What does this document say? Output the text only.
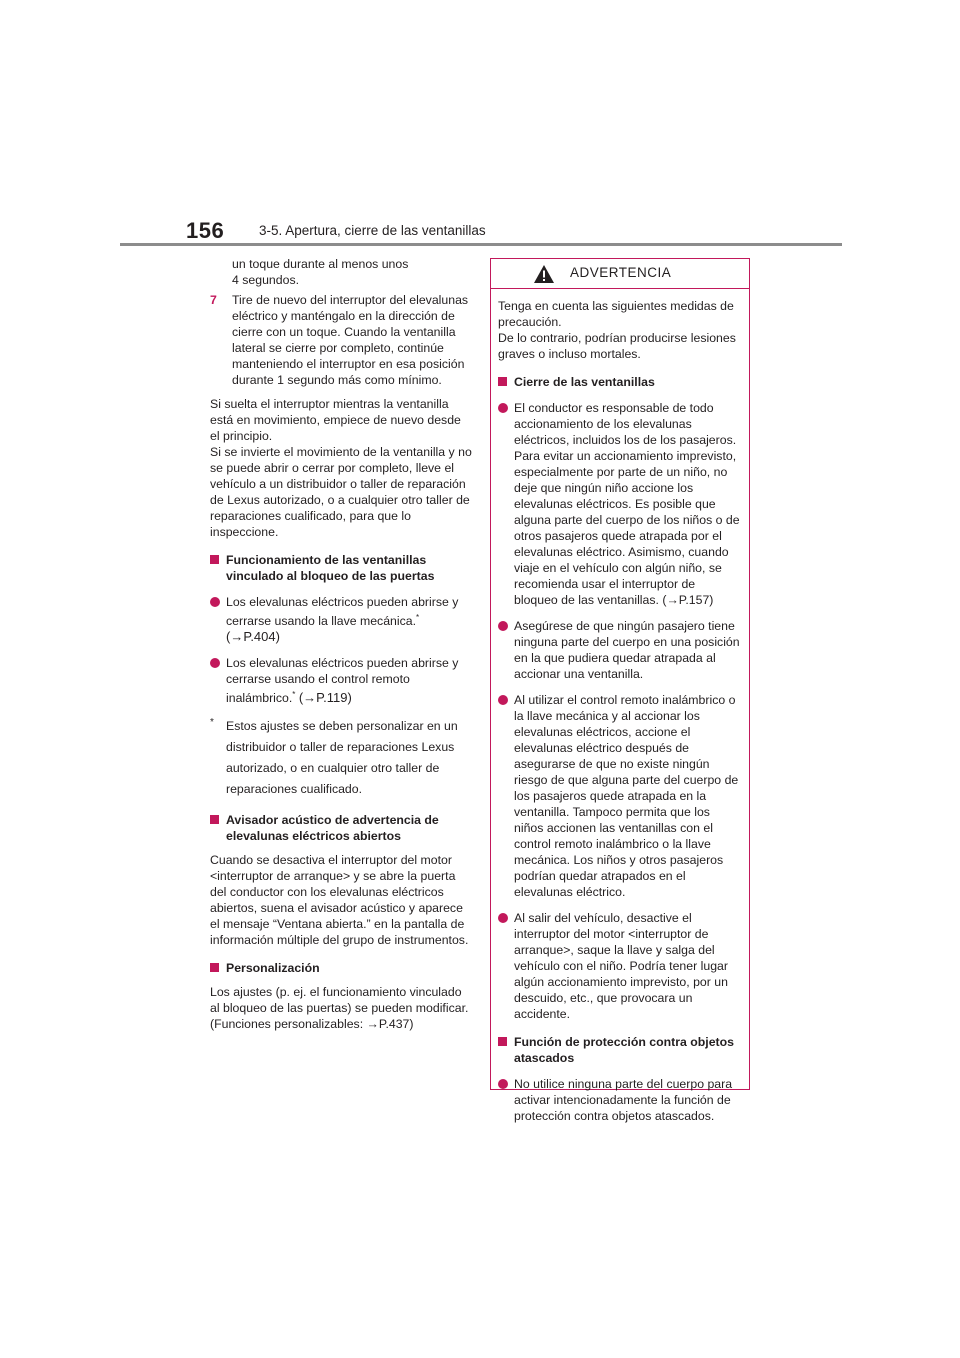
156	3-5. Apertura, cierre de las ventanillas

un toque durante al menos unos

4 segundos.

7 Tire de nuevo del interruptor del elevalunas eléctrico y manténgalo en la dirección de cierre con un toque. Cuando la ventanilla lateral se cierre por completo, continúe manteniendo el interruptor en esa posición durante 1 segundo más como mínimo.

Si suelta el interruptor mientras la ventanilla está en movimiento, empiece de nuevo desde el principio.

Si se invierte el movimiento de la ventanilla y no se puede abrir o cerrar por completo, lleve el vehículo a un distribuidor o taller de reparación de Lexus autorizado, o a cualquier otro taller de reparaciones cualificado, para que lo inspeccione.

Funcionamiento de las ventanillas vinculado al bloqueo de las puertas

Los elevalunas eléctricos pueden abrirse y cerrarse usando la llave mecánica.*
(→P.404)

Los elevalunas eléctricos pueden abrirse y cerrarse usando el control remoto inalámbrico.* (→P.119)

* Estos ajustes se deben personalizar en un distribuidor o taller de reparaciones Lexus autorizado, o en cualquier otro taller de reparaciones cualificado.

Avisador acústico de advertencia de elevalunas eléctricos abiertos

Cuando se desactiva el interruptor del motor <interruptor de arranque> y se abre la puerta del conductor con los elevalunas eléctricos abiertos, suena el avisador acústico y aparece el mensaje “Ventana abierta.” en la pantalla de información múltiple del grupo de instrumentos.

Personalización

Los ajustes (p. ej. el funcionamiento vinculado al bloqueo de las puertas) se pueden modificar. (Funciones personalizables: →P.437)

ADVERTENCIA

Tenga en cuenta las siguientes medidas de precaución.

De lo contrario, podrían producirse lesiones graves o incluso mortales.

Cierre de las ventanillas

El conductor es responsable de todo accionamiento de los elevalunas eléctricos, incluidos los de los pasajeros. Para evitar un accionamiento imprevisto, especialmente por parte de un niño, no deje que ningún niño accione los elevalunas eléctricos. Es posible que alguna parte del cuerpo de los niños o de otros pasajeros quede atrapada por el elevalunas eléctrico. Asimismo, cuando viaje en el vehículo con algún niño, se recomienda usar el interruptor de bloqueo de las ventanillas. (→P.157)

Asegúrese de que ningún pasajero tiene ninguna parte del cuerpo en una posición en la que pudiera quedar atrapada al accionar una ventanilla.

Al utilizar el control remoto inalámbrico o la llave mecánica y al accionar los elevalunas eléctricos, accione el elevalunas eléctrico después de asegurarse de que no existe ningún riesgo de que alguna parte del cuerpo de los pasajeros quede atrapada en la ventanilla. Tampoco permita que los niños accionen las ventanillas con el control remoto inalámbrico o la llave mecánica. Los niños y otros pasajeros podrían quedar atrapados en el elevalunas eléctrico.

Al salir del vehículo, desactive el interruptor del motor <interruptor de arranque>, saque la llave y salga del vehículo con el niño. Podría tener lugar algún accionamiento imprevisto, por un descuido, etc., que provocara un accidente.

Función de protección contra objetos atascados

No utilice ninguna parte del cuerpo para activar intencionadamente la función de protección contra objetos atascados.
